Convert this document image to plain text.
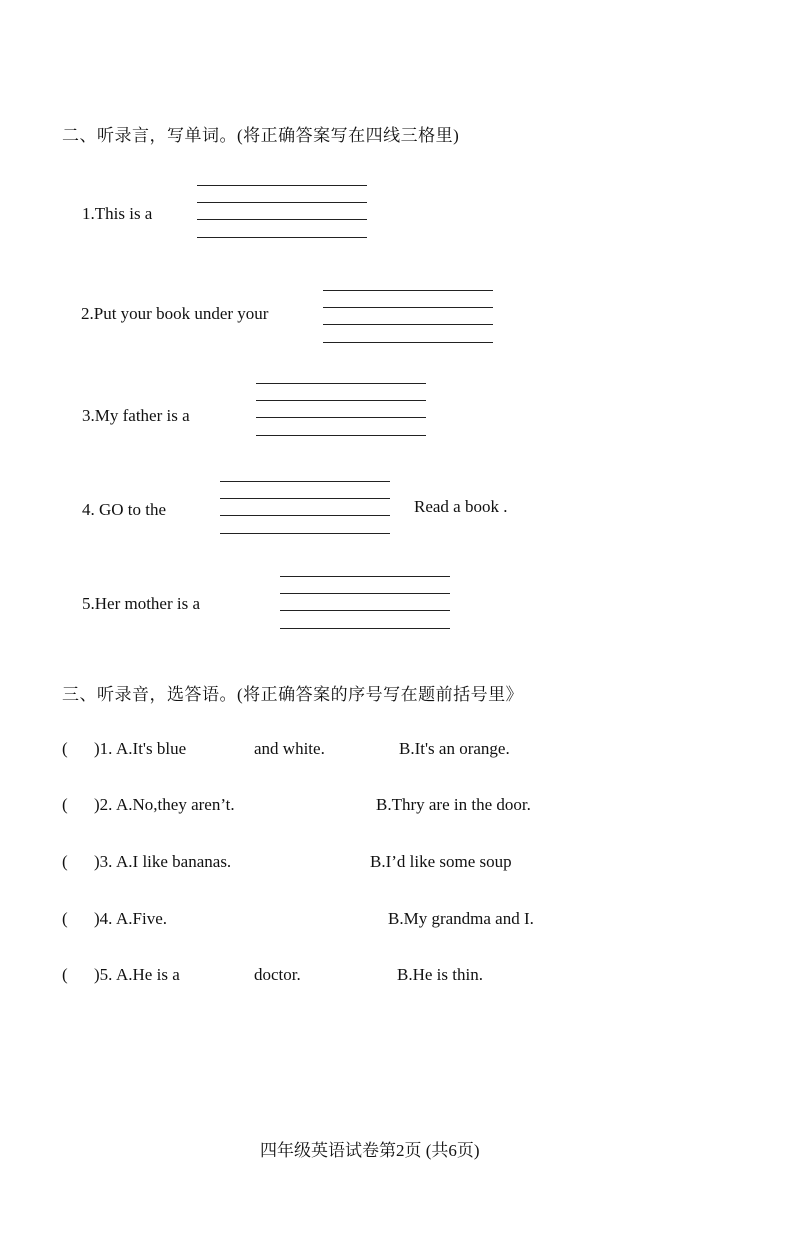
二、听录言，写单词。(将正确答案写在四线三格里)
1.This is a
2.Put your book under your
3.My father is a
4. GO to the	Read a book .
5.Her mother is a
三、听录音，选答语。(将正确答案的序号写在题前括号里》
( )1. A.It's blue	and white.	B.It's an orange.
( )2. A.No,they aren’t.	B.Thry are in the door.
( )3. A.I like bananas.	B.I’d like some soup
( )4. A.Five.	B.My grandma and I.
( )5. A.He is a	doctor.	B.He is thin.
四年级英语试卷第2页 (共6页)
